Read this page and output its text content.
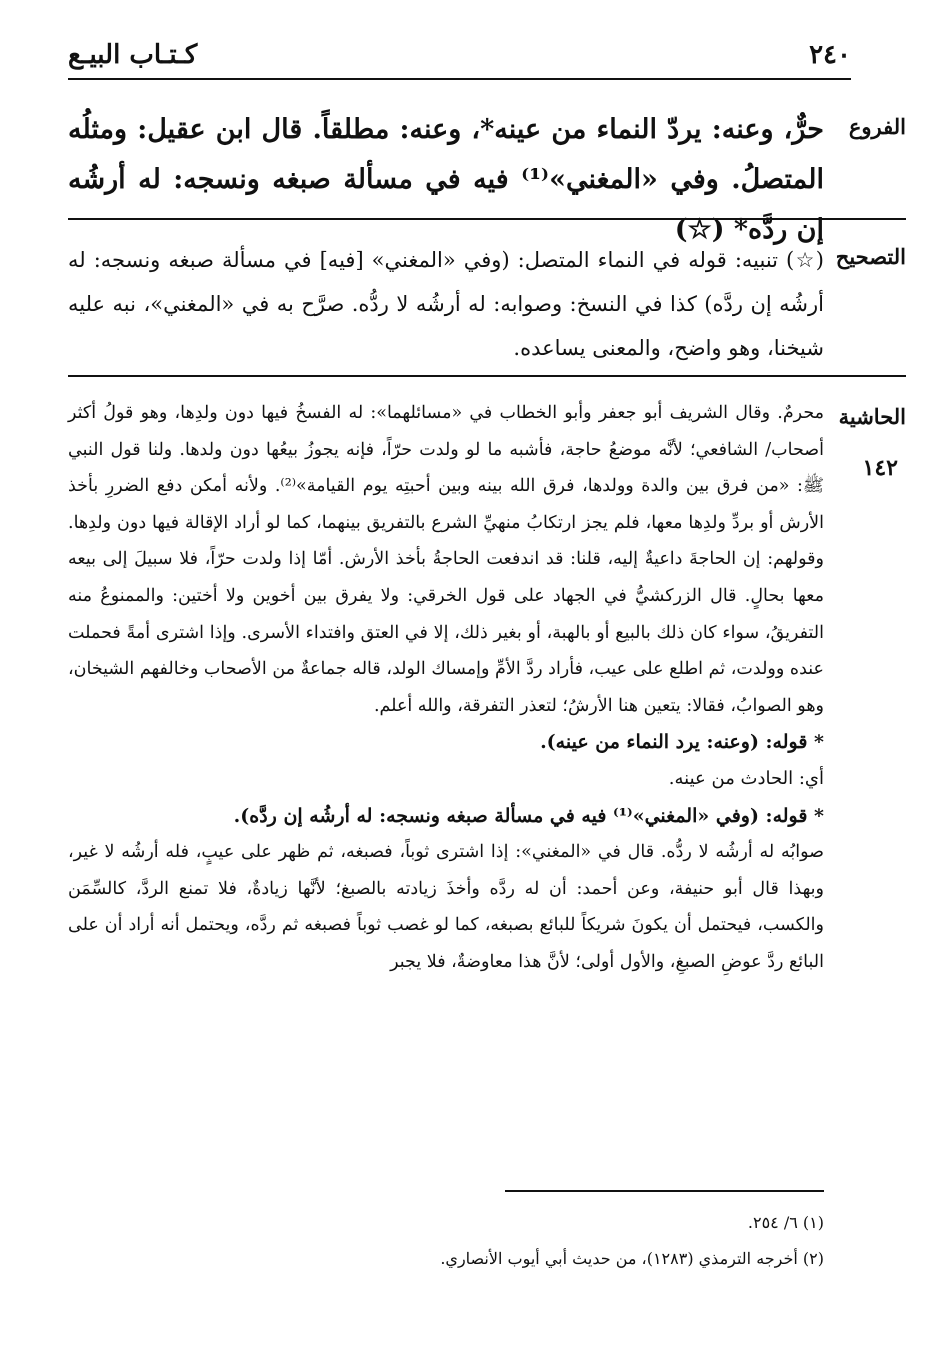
٢٤٠
كـتـاب البيـع
الفروع
حرٌّ، وعنه: يردّ النماء من عينه*، وعنه: مطلقاً. قال ابن عقيل: ومثلُه المتصلُ. وفي «المغني»⁽¹⁾ فيه في مسألة صبغه ونسجه: له أرشُه إن ردَّه* (☆)
التصحيح
(☆) تنبيه: قوله في النماء المتصل: (وفي «المغني» [فيه] في مسألة صبغه ونسجه: له أرشُه إن ردَّه) كذا في النسخ: وصوابه: له أرشُه لا ردُّه. صرَّح به في «المغني»، نبه عليه شيخنا، وهو واضح، والمعنى يساعده.
الحاشية
١٤٢

محرمٌ. وقال الشريف أبو جعفر وأبو الخطاب في «مسائلهما»: له الفسخُ فيها دون ولدِها، وهو قولُ أكثر أصحاب/ الشافعي؛ لأنَّه موضعُ حاجة، فأشبه ما لو ولدت حرّاً، فإنه يجوزُ بيعُها دون ولدها. ولنا قول النبي ﷺ: «من فرق بين والدة وولدها، فرق الله بينه وبين أحبتِه يوم القيامة»⁽²⁾. ولأنه أمكن دفع الضررِ بأخذ الأرش أو بردِّ ولدِها معها، فلم يجز ارتكابُ منهيِّ الشرع بالتفريق بينهما، كما لو أراد الإقالة فيها دون ولدِها. وقولهم: إن الحاجةَ داعيةٌ إليه، قلنا: قد اندفعت الحاجةُ بأخذ الأرش. أمّا إذا ولدت حرّاً، فلا سبيلَ إلى بيعه معها بحالٍ. قال الزركشيُّ في الجهاد على قول الخرقي: ولا يفرق بين أخوين ولا أختين: والممنوعُ منه التفريقُ، سواء كان ذلك بالبيع أو بالهبة، أو بغير ذلك، إلا في العتق وافتداء الأسرى. وإذا اشترى أمةً فحملت عنده وولدت، ثم اطلع على عيب، فأراد ردَّ الأمِّ وإمساك الولد، قاله جماعةٌ من الأصحاب وخالفهم الشيخان، وهو الصوابُ، فقالا: يتعين هنا الأرشُ؛ لتعذر التفرقة، والله أعلم.

* قوله: (وعنه: يرد النماء من عينه).

أي: الحادث من عينه.

* قوله: (وفي «المغني»⁽¹⁾ فيه في مسألة صبغه ونسجه: له أرشُه إن ردَّه).

صوابُه له أرشُه لا ردُّه. قال في «المغني»: إذا اشترى ثوباً، فصبغه، ثم ظهر على عيبٍ، فله أرشُه لا غير، وبهذا قال أبو حنيفة، وعن أحمد: أن له ردَّه وأخذَ زيادته بالصبغ؛ لأنَّها زيادةٌ، فلا تمنع الردَّ، كالسِّمَن والكسب، فيحتمل أن يكونَ شريكاً للبائع بصبغه، كما لو غصب ثوباً فصبغه ثم ردَّه، ويحتمل أنه أراد أن على البائع ردَّ عوضِ الصبغِ، والأول أولى؛ لأنَّ هذا معاوضةٌ، فلا يجبر

(١) ٦/ ٢٥٤.

(٢) أخرجه الترمذي (١٢٨٣)، من حديث أبي أيوب الأنصاري.
